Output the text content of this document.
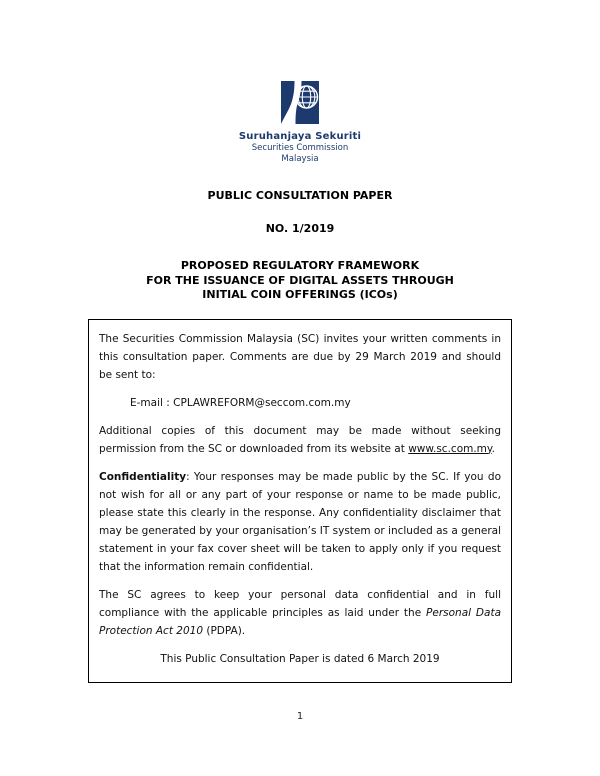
Suruhanjaya Sekuriti
Securities Commission
Malaysia
PUBLIC CONSULTATION PAPER
NO. 1/2019
PROPOSED REGULATORY FRAMEWORK
FOR THE ISSUANCE OF DIGITAL ASSETS THROUGH
INITIAL COIN OFFERINGS (ICOs)

The Securities Commission Malaysia (SC) invites your written comments in this consultation paper. Comments are due by 29 March 2019 and should be sent to:

E-mail : CPLAWREFORM@seccom.com.my

Additional copies of this document may be made without seeking permission from the SC or downloaded from its website at www.sc.com.my.

Confidentiality: Your responses may be made public by the SC. If you do not wish for all or any part of your response or name to be made public, please state this clearly in the response. Any confidentiality disclaimer that may be generated by your organisation’s IT system or included as a general statement in your fax cover sheet will be taken to apply only if you request that the information remain confidential.

The SC agrees to keep your personal data confidential and in full compliance with the applicable principles as laid under the Personal Data Protection Act 2010 (PDPA).

This Public Consultation Paper is dated 6 March 2019

1
